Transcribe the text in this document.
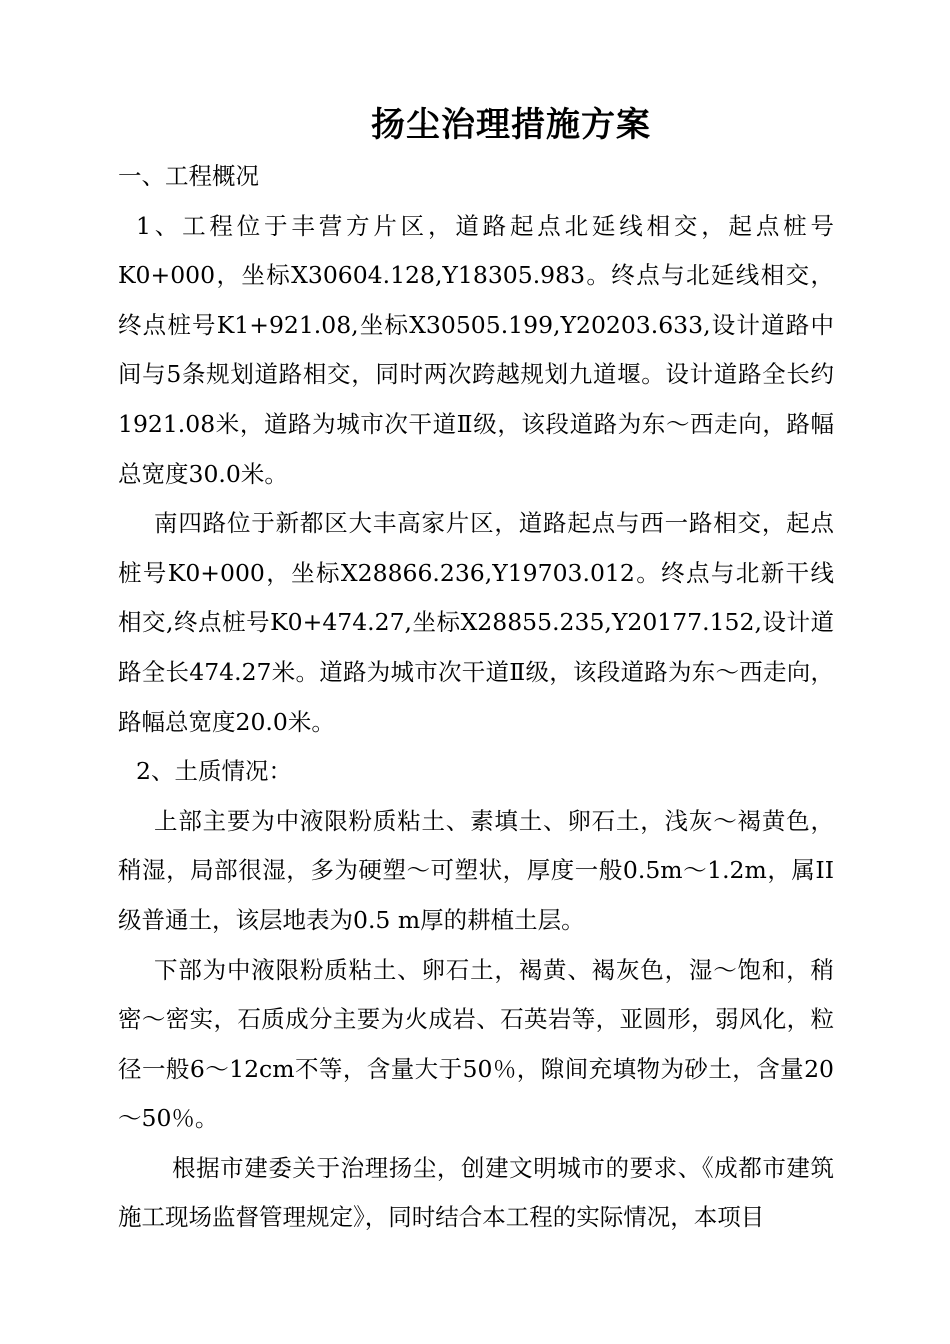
扬尘治理措施方案

一、工程概况

1、工程位于丰营方片区，道路起点北延线相交，起点桩号K0+000，坐标X30604.128,Y18305.983。终点与北延线相交，终点桩号K1+921.08,坐标X30505.199,Y20203.633,设计道路中间与5条规划道路相交，同时两次跨越规划九道堰。设计道路全长约1921.08米，道路为城市次干道Ⅱ级，该段道路为东～西走向，路幅总宽度30.0米。

南四路位于新都区大丰高家片区，道路起点与西一路相交，起点桩号K0+000，坐标X28866.236,Y19703.012。终点与北新干线相交,终点桩号K0+474.27,坐标X28855.235,Y20177.152,设计道路全长474.27米。道路为城市次干道Ⅱ级，该段道路为东～西走向，路幅总宽度20.0米。

2、土质情况：

上部主要为中液限粉质粘土、素填土、卵石土，浅灰～褐黄色，稍湿，局部很湿，多为硬塑～可塑状，厚度一般0.5m～1.2m，属II级普通土，该层地表为0.5 m厚的耕植土层。

下部为中液限粉质粘土、卵石土，褐黄、褐灰色，湿～饱和，稍密～密实，石质成分主要为火成岩、石英岩等，亚圆形，弱风化，粒径一般6～12cm不等，含量大于50％，隙间充填物为砂土，含量20～50％。

根据市建委关于治理扬尘，创建文明城市的要求、《成都市建筑施工现场监督管理规定》，同时结合本工程的实际情况，本项目
